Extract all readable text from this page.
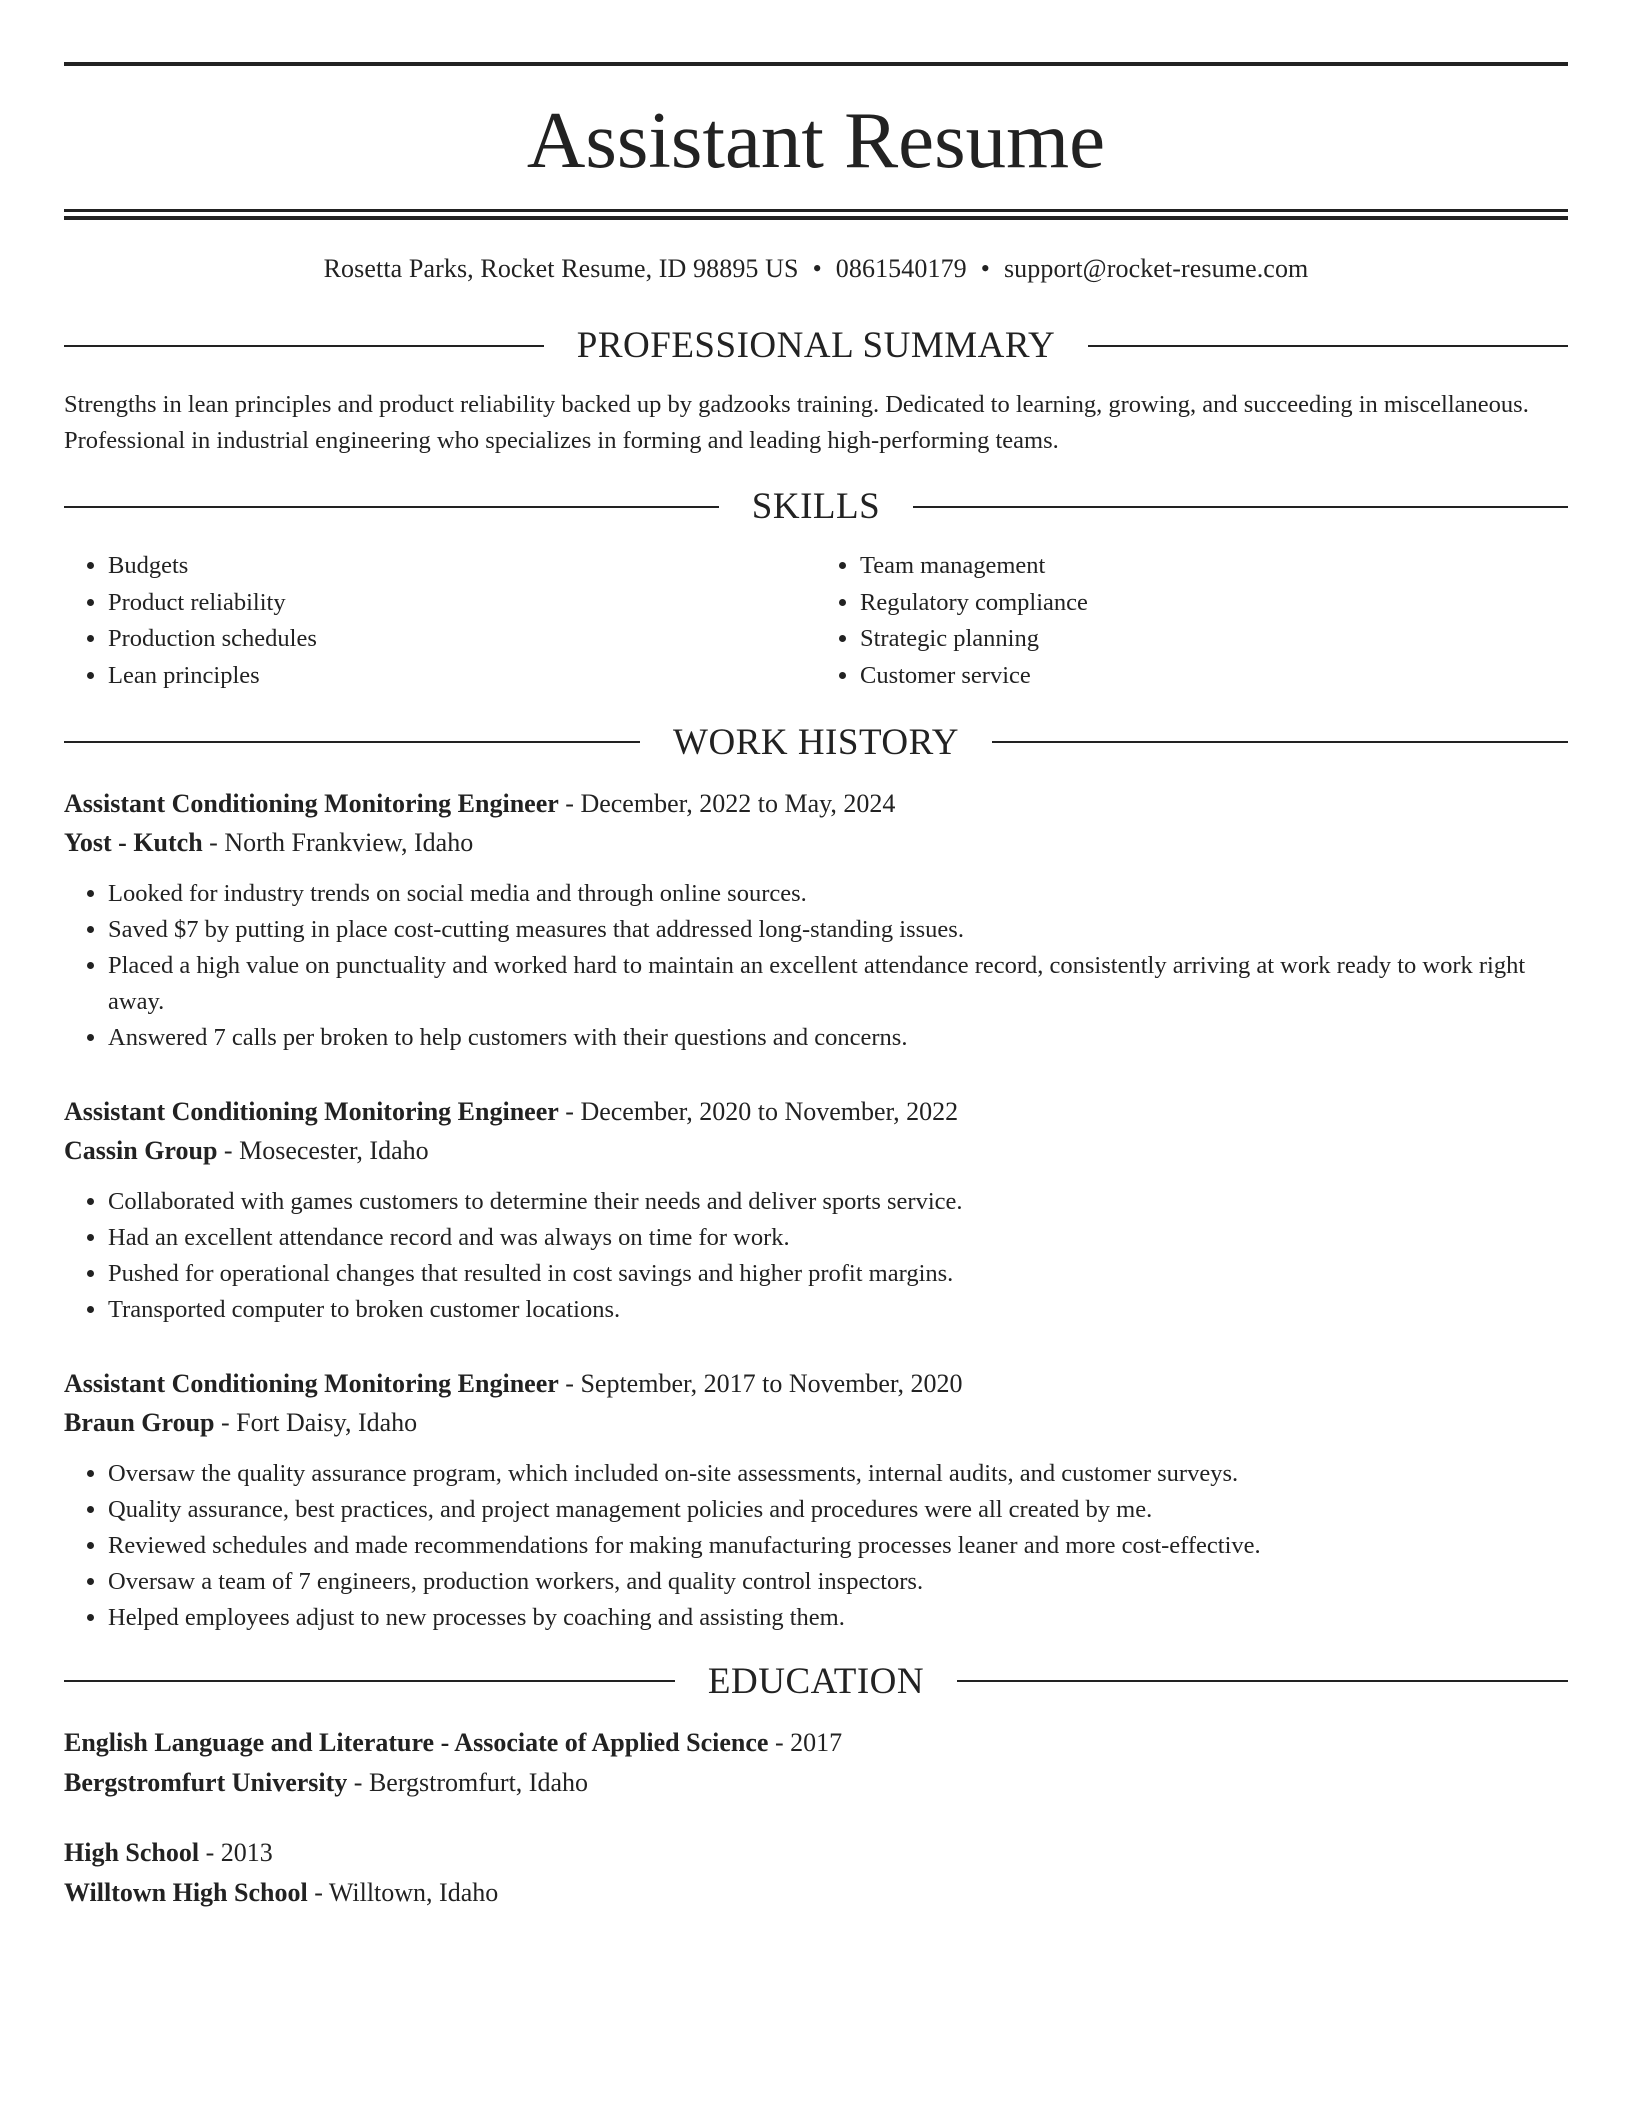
Assistant Resume
Rosetta Parks, Rocket Resume, ID 98895 US • 0861540179 • support@rocket-resume.com
PROFESSIONAL SUMMARY

Strengths in lean principles and product reliability backed up by gadzooks training. Dedicated to learning, growing, and succeeding in miscellaneous. Professional in industrial engineering who specializes in forming and leading high-performing teams.

SKILLS
• Budgets
• Product reliability
• Production schedules
• Lean principles
• Team management
• Regulatory compliance
• Strategic planning
• Customer service
WORK HISTORY
Assistant Conditioning Monitoring Engineer - December, 2022 to May, 2024
Yost - Kutch - North Frankview, Idaho
• Looked for industry trends on social media and through online sources.
• Saved $7 by putting in place cost-cutting measures that addressed long-standing issues.
• Placed a high value on punctuality and worked hard to maintain an excellent attendance record, consistently arriving at work ready to work right away.
• Answered 7 calls per broken to help customers with their questions and concerns.
Assistant Conditioning Monitoring Engineer - December, 2020 to November, 2022
Cassin Group - Mosecester, Idaho
• Collaborated with games customers to determine their needs and deliver sports service.
• Had an excellent attendance record and was always on time for work.
• Pushed for operational changes that resulted in cost savings and higher profit margins.
• Transported computer to broken customer locations.
Assistant Conditioning Monitoring Engineer - September, 2017 to November, 2020
Braun Group - Fort Daisy, Idaho
• Oversaw the quality assurance program, which included on-site assessments, internal audits, and customer surveys.
• Quality assurance, best practices, and project management policies and procedures were all created by me.
• Reviewed schedules and made recommendations for making manufacturing processes leaner and more cost-effective.
• Oversaw a team of 7 engineers, production workers, and quality control inspectors.
• Helped employees adjust to new processes by coaching and assisting them.
EDUCATION
English Language and Literature - Associate of Applied Science - 2017
Bergstromfurt University - Bergstromfurt, Idaho
High School - 2013
Willtown High School - Willtown, Idaho
